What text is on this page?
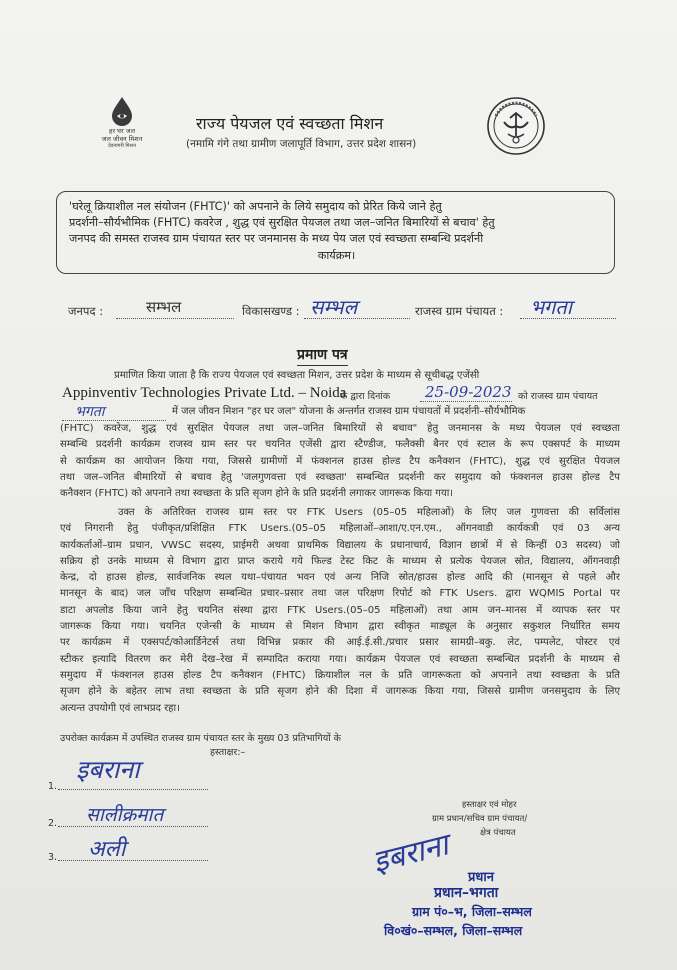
हर घर जल
जल जीवन मिशन
देवनागरी मिशन
राज्य पेयजल एवं स्वच्छता मिशन
(नमामि गंगे तथा ग्रामीण जलापूर्ति विभाग, उत्तर प्रदेश शासन)
'घरेलू क्रियाशील नल संयोजन (FHTC)' को अपनाने के लिये समुदाय को प्रेरित किये जाने हेतु
प्रदर्शनी–सौर्यभौमिक (FHTC) कवरेज , शुद्ध एवं सुरक्षित पेयजल तथा जल–जनित बिमारियों से बचाव' हेतु
जनपद की समस्त राजस्व ग्राम पंचायत स्तर पर जनमानस के मध्य पेय जल एवं स्वच्छता सम्बन्धि प्रदर्शनी
कार्यक्रम।
जनपद :	सम्भल	विकासखण्ड : सम्भल	राजस्व ग्राम पंचायत : भगता
प्रमाण पत्र
प्रमाणित किया जाता है कि राज्य पेयजल एवं स्वच्छता मिशन, उत्तर प्रदेश के माध्यम से सूचीबद्ध एजेंसी
Appinventiv Technologies Private Ltd. – Noida
के द्वारा दिनांक 25-09-2023 को राजस्व ग्राम पंचायत
भगता	में जल जीवन मिशन "हर घर जल" योजना के अन्तर्गत राजस्व ग्राम पंचायतों में प्रदर्शनी–सौर्यभौमिक
(FHTC) कवरेज, शुद्ध एवं सुरक्षित पेयजल तथा जल–जनित बिमारियों से बचाव" हेतु जनमानस के मध्य पेयजल एवं स्वच्छता
सम्बन्धि प्रदर्शनी कार्यक्रम राजस्व ग्राम स्तर पर चयनित एजेंसी द्वारा स्टैण्डीज, फलैक्सी बैनर एवं स्टाल के रूप एक्सपर्ट के माध्यम
से कार्यक्रम का आयोजन किया गया, जिससे ग्रामीणों में फंक्शनल हाउस होल्ड टैप कनैक्शन (FHTC), शुद्ध एवं सुरक्षित पेयजल
तथा जल–जनित बीमारियों से बचाव हेतु 'जलगुणवत्ता एवं स्वच्छता' सम्बन्धित प्रदर्शनी कर समुदाय को फंक्शनल हाउस होल्ड टैप
कनैक्शन (FHTC) को अपनाने तथा स्वच्छता के प्रति सृजग होने के प्रति प्रदर्शनी लगाकर जागरूक किया गया।
उक्त के अतिरिक्त राजस्व ग्राम स्तर पर FTK Users (05–05 महिलाओं) के लिए जल गुणवत्ता की सर्विलांस
एवं निगरानी हेतु पंजीकृत/प्रशिक्षित FTK Users.(05–05 महिलाओं–आशा/ए.एन.एम., ऑगनवाडी कार्यकत्री एवं 03 अन्य
कार्यकर्ताओं–ग्राम प्रधान, VWSC सदस्य, प्राईमरी अथवा प्राथमिक विद्यालय के प्रधानाचार्य, विज्ञान छात्रों में से किन्हीं 03 सदस्य) जो
सक्रिय हो उनके माध्यम से विभाग द्वारा प्राप्त कराये गये फिल्ड टेस्ट किट के माध्यम से प्रत्येक पेयजल स्रोत, विद्यालय, ऑगनवाड़ी
केन्द्र, दो हाउस होल्ड, सार्वजनिक स्थल यथा–पंचायत भवन एवं अन्य निजि स्रोत/हाउस होल्ड आदि की (मानसून से पहले और
मानसून के बाद) जल जाँच परिक्षण सम्बन्धित प्रचार–प्रसार तथा जल परिक्षण रिपोर्ट को FTK Users. द्वारा WQMIS Portal पर
डाटा अपलोड किया जाने हेतु चयनित संस्था द्वारा FTK Users.(05–05 महिलाओं) तथा आम जन–मानस में व्यापक स्तर पर
जागरूक किया गया। चयनित एजेन्सी के माध्यम से मिशन विभाग द्वारा स्वीकृत माड्यूल के अनुसार सकुशल निर्धारित समय
पर कार्यक्रम में एक्सपर्ट/कोआर्डिनेटर्स तथा विभिन्न प्रकार की आई.ई.सी./प्रचार प्रसार सामग्री–बकु. लेट, पम्पलेट, पोस्टर एवं
स्टीकर इत्यादि वितरण कर मेरी देख–रेख में सम्पादित कराया गया। कार्यक्रम पेयजल एवं स्वच्छता सम्बन्धित प्रदर्शनी के माध्यम से
समुदाय में फंक्शनल हाउस होल्ड टैप कनैक्शन (FHTC) क्रियाशील नल के प्रति जागरूकता को अपनाने तथा स्वच्छता के प्रति
सृजग होने के बहेतर लाभ तथा स्वच्छता के प्रति सृजग होने की दिशा में जागरूक किया गया, जिससे ग्रामीण जनसमुदाय के लिए
अत्यन्त उपयोगी एवं लाभप्रद रहा।
उपरोक्त कार्यक्रम में उपस्थित राजस्व ग्राम पंचायत स्तर के मुख्य 03 प्रतिभागियों के
हस्ताक्षर:–
1.
इबराना
2. सालीक्रमात
3. अली
हस्ताक्षर एवं मोहर
ग्राम प्रधान/सचिव ग्राम पंचायत/
क्षेत्र पंचायत
इबराना प्रधान
प्रधान–भगता
ग्राम पं०–भ, जिला–सम्भल
वि०खं०–सम्भल, जिला–सम्भल
